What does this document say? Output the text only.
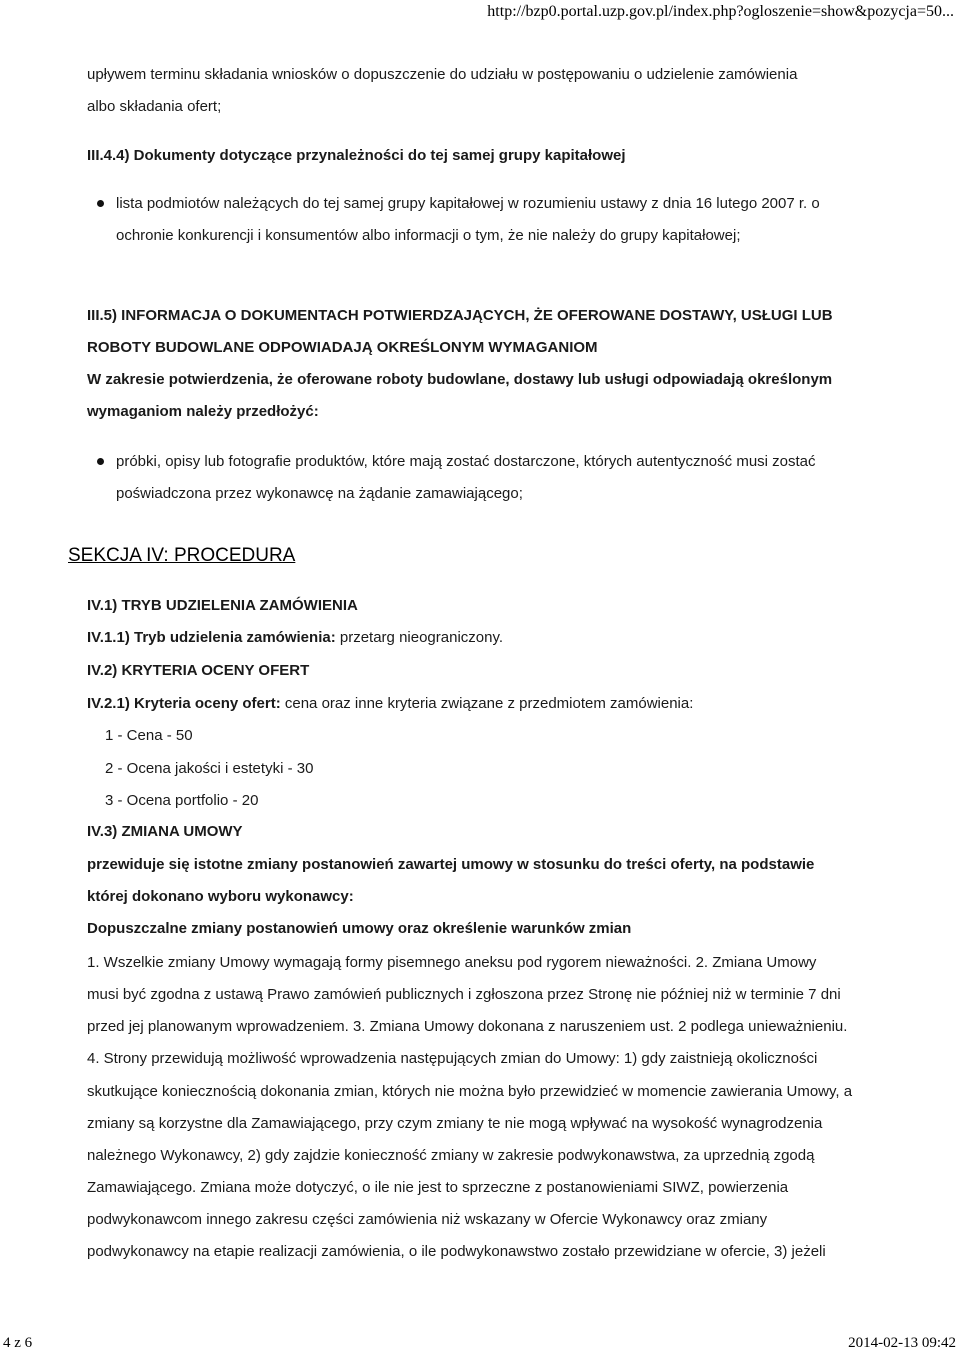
http://bzp0.portal.uzp.gov.pl/index.php?ogloszenie=show&pozycja=50...
upływem terminu składania wniosków o dopuszczenie do udziału w postępowaniu o udzielenie zamówienia
albo składania ofert;
III.4.4) Dokumenty dotyczące przynależności do tej samej grupy kapitałowej
lista podmiotów należących do tej samej grupy kapitałowej w rozumieniu ustawy z dnia 16 lutego 2007 r. o
ochronie konkurencji i konsumentów albo informacji o tym, że nie należy do grupy kapitałowej;
III.5) INFORMACJA O DOKUMENTACH POTWIERDZAJĄCYCH, ŻE OFEROWANE DOSTAWY, USŁUGI LUB
ROBOTY BUDOWLANE ODPOWIADAJĄ OKREŚLONYM WYMAGANIOM
W zakresie potwierdzenia, że oferowane roboty budowlane, dostawy lub usługi odpowiadają określonym
wymaganiom należy przedłożyć:
próbki, opisy lub fotografie produktów, które mają zostać dostarczone, których autentyczność musi zostać
poświadczona przez wykonawcę na żądanie zamawiającego;
SEKCJA IV: PROCEDURA
IV.1) TRYB UDZIELENIA ZAMÓWIENIA
IV.1.1) Tryb udzielenia zamówienia: przetarg nieograniczony.
IV.2) KRYTERIA OCENY OFERT
IV.2.1) Kryteria oceny ofert: cena oraz inne kryteria związane z przedmiotem zamówienia:
1 - Cena - 50
2 - Ocena jakości i estetyki - 30
3 - Ocena portfolio - 20
IV.3) ZMIANA UMOWY
przewiduje się istotne zmiany postanowień zawartej umowy w stosunku do treści oferty, na podstawie
której dokonano wyboru wykonawcy:
Dopuszczalne zmiany postanowień umowy oraz określenie warunków zmian
1. Wszelkie zmiany Umowy wymagają formy pisemnego aneksu pod rygorem nieważności. 2. Zmiana Umowy
musi być zgodna z ustawą Prawo zamówień publicznych i zgłoszona przez Stronę nie później niż w terminie 7 dni
przed jej planowanym wprowadzeniem. 3. Zmiana Umowy dokonana z naruszeniem ust. 2 podlega unieważnieniu.
4. Strony przewidują możliwość wprowadzenia następujących zmian do Umowy: 1) gdy zaistnieją okoliczności
skutkujące koniecznością dokonania zmian, których nie można było przewidzieć w momencie zawierania Umowy, a
zmiany są korzystne dla Zamawiającego, przy czym zmiany te nie mogą wpływać na wysokość wynagrodzenia
należnego Wykonawcy, 2) gdy zajdzie konieczność zmiany w zakresie podwykonawstwa, za uprzednią zgodą
Zamawiającego. Zmiana może dotyczyć, o ile nie jest to sprzeczne z postanowieniami SIWZ, powierzenia
podwykonawcom innego zakresu części zamówienia niż wskazany w Ofercie Wykonawcy oraz zmiany
podwykonawcy na etapie realizacji zamówienia, o ile podwykonawstwo zostało przewidziane w ofercie, 3) jeżeli
4 z 6	2014-02-13 09:42
